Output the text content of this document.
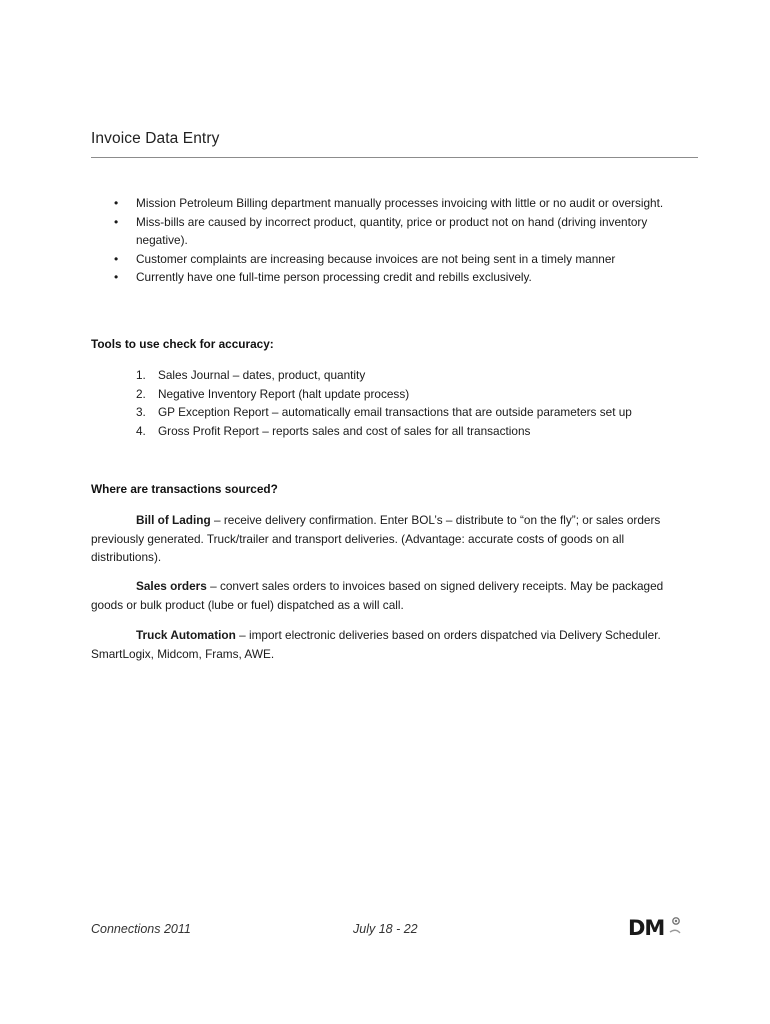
Invoice Data Entry
• Mission Petroleum Billing department manually processes invoicing with little or no audit or oversight.
• Miss-bills are caused by incorrect product, quantity, price or product not on hand (driving inventory negative).
• Customer complaints are increasing because invoices are not being sent in a timely manner
• Currently have one full-time person processing credit and rebills exclusively.
Tools to use check for accuracy:
1. Sales Journal – dates, product, quantity
2. Negative Inventory Report (halt update process)
3. GP Exception Report – automatically email transactions that are outside parameters set up
4. Gross Profit Report – reports sales and cost of sales for all transactions
Where are transactions sourced?

Bill of Lading – receive delivery confirmation. Enter BOL’s – distribute to “on the fly”; or sales orders previously generated. Truck/trailer and transport deliveries. (Advantage: accurate costs of goods on all distributions).

Sales orders – convert sales orders to invoices based on signed delivery receipts. May be packaged goods or bulk product (lube or fuel) dispatched as a will call.

Truck Automation – import electronic deliveries based on orders dispatched via Delivery Scheduler. SmartLogix, Midcom, Frams, AWE.

Connections 2011	July 18 - 22	DM
